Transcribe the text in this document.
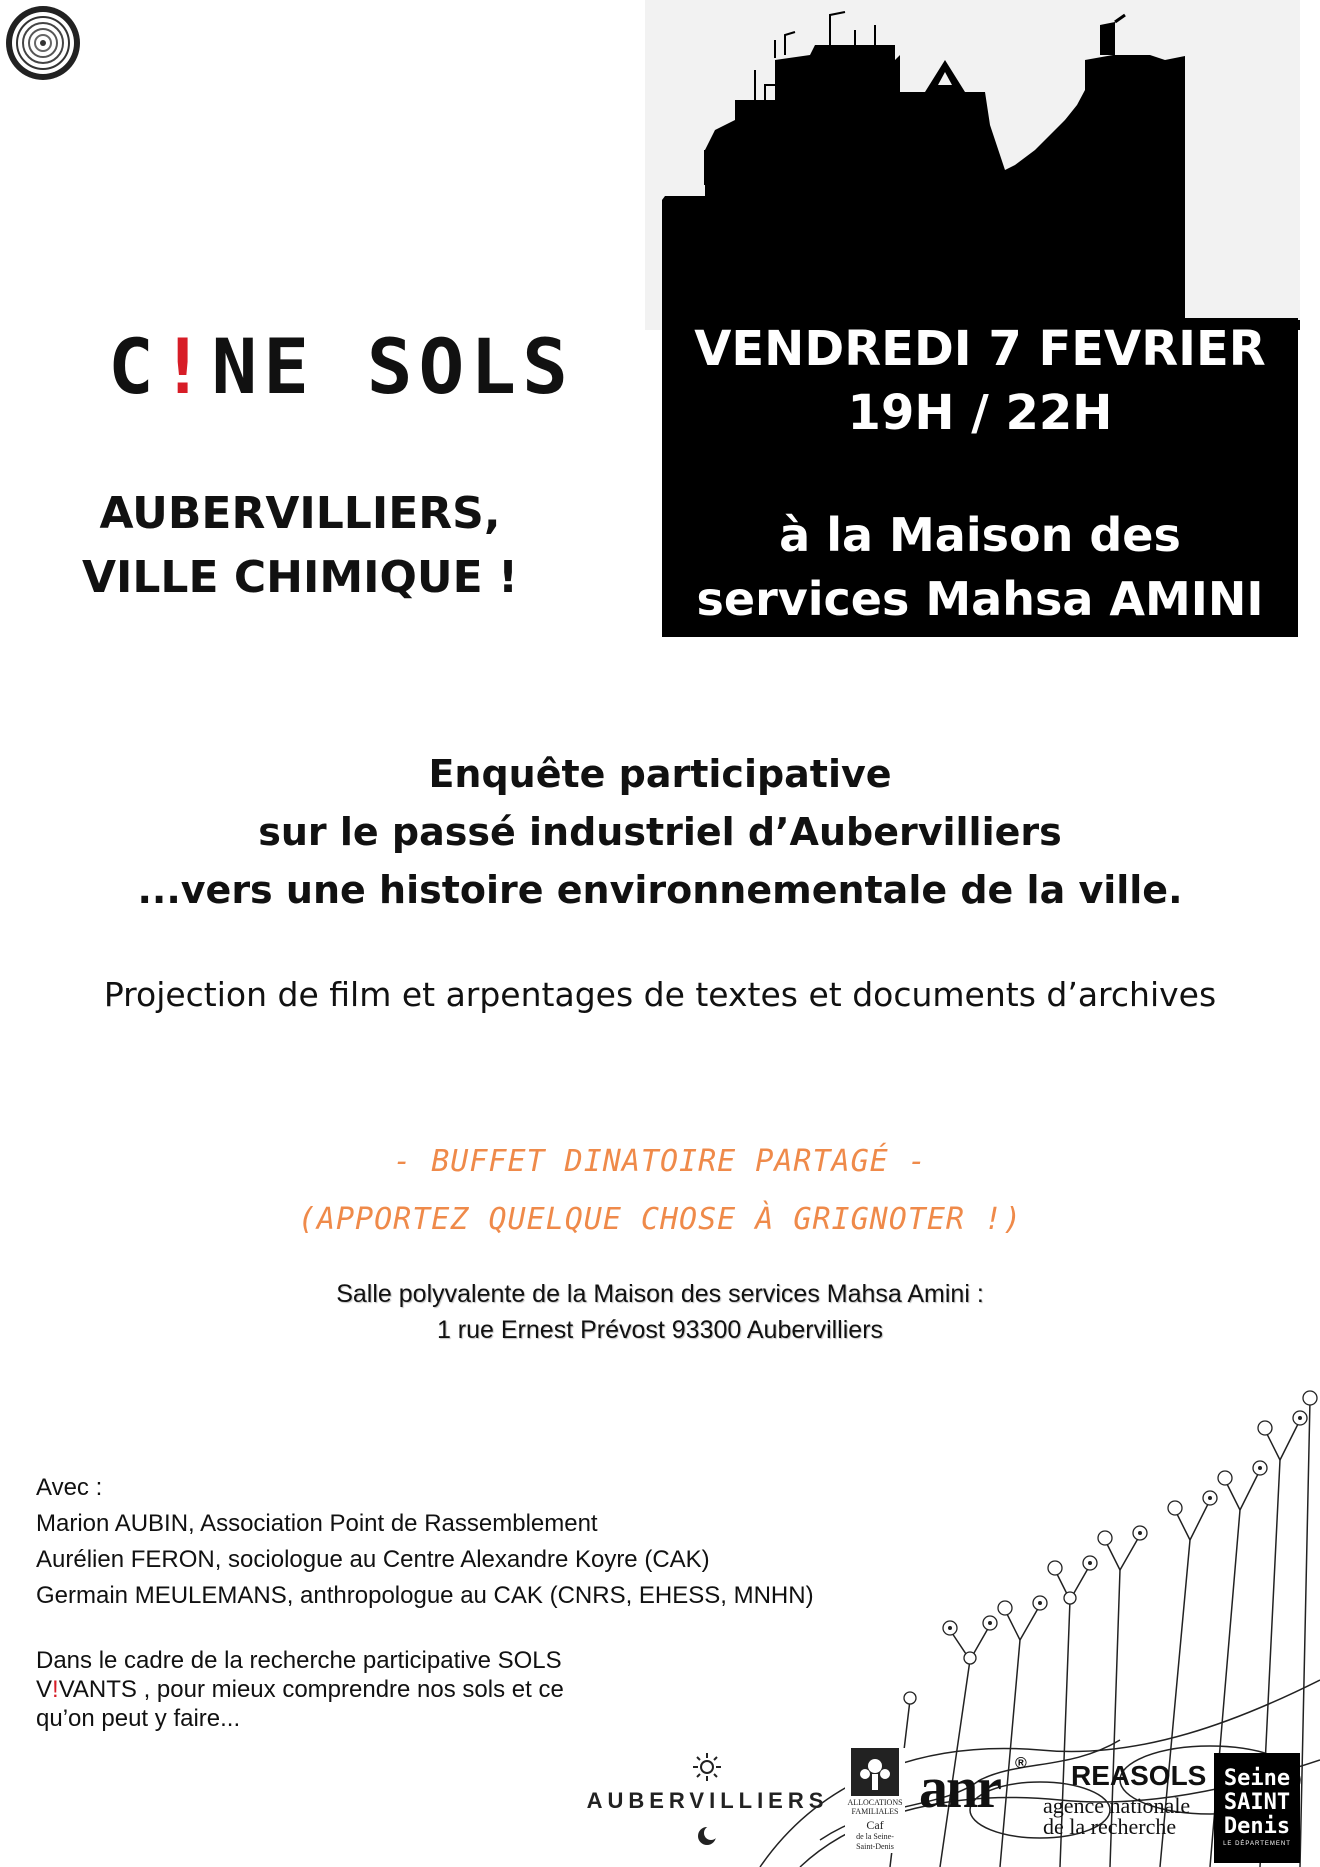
VENDREDI 7 FEVRIER
19H / 22H
à la Maison des
services Mahsa AMINI
C!NE SOLS
AUBERVILLIERS,
VILLE CHIMIQUE !
Enquête participative
sur le passé industriel d’Aubervilliers
...vers une histoire environnementale de la ville.
Projection de film et arpentages de textes et documents d’archives
- BUFFET DINATOIRE PARTAGÉ -
(APPORTEZ QUELQUE CHOSE À GRIGNOTER !)
Salle polyvalente de la Maison des services Mahsa Amini :
1 rue Ernest Prévost 93300 Aubervilliers
Avec :
Marion AUBIN, Association Point de Rassemblement
Aurélien FERON, sociologue au Centre Alexandre Koyre (CAK)
Germain MEULEMANS, anthropologue au CAK (CNRS, EHESS, MNHN)
Dans le cadre de la recherche participative SOLS
V!VANTS , pour mieux comprendre nos sols et ce
qu’on peut y faire...
AUBERVILLIERS	ALLOCATIONS
FAMILIALES
Caf
de la Seine-
Saint-Denis
anr ® REASOLS
agence nationale
de la recherche
Seine
SAINT
Denis
LE DÉPARTEMENT
